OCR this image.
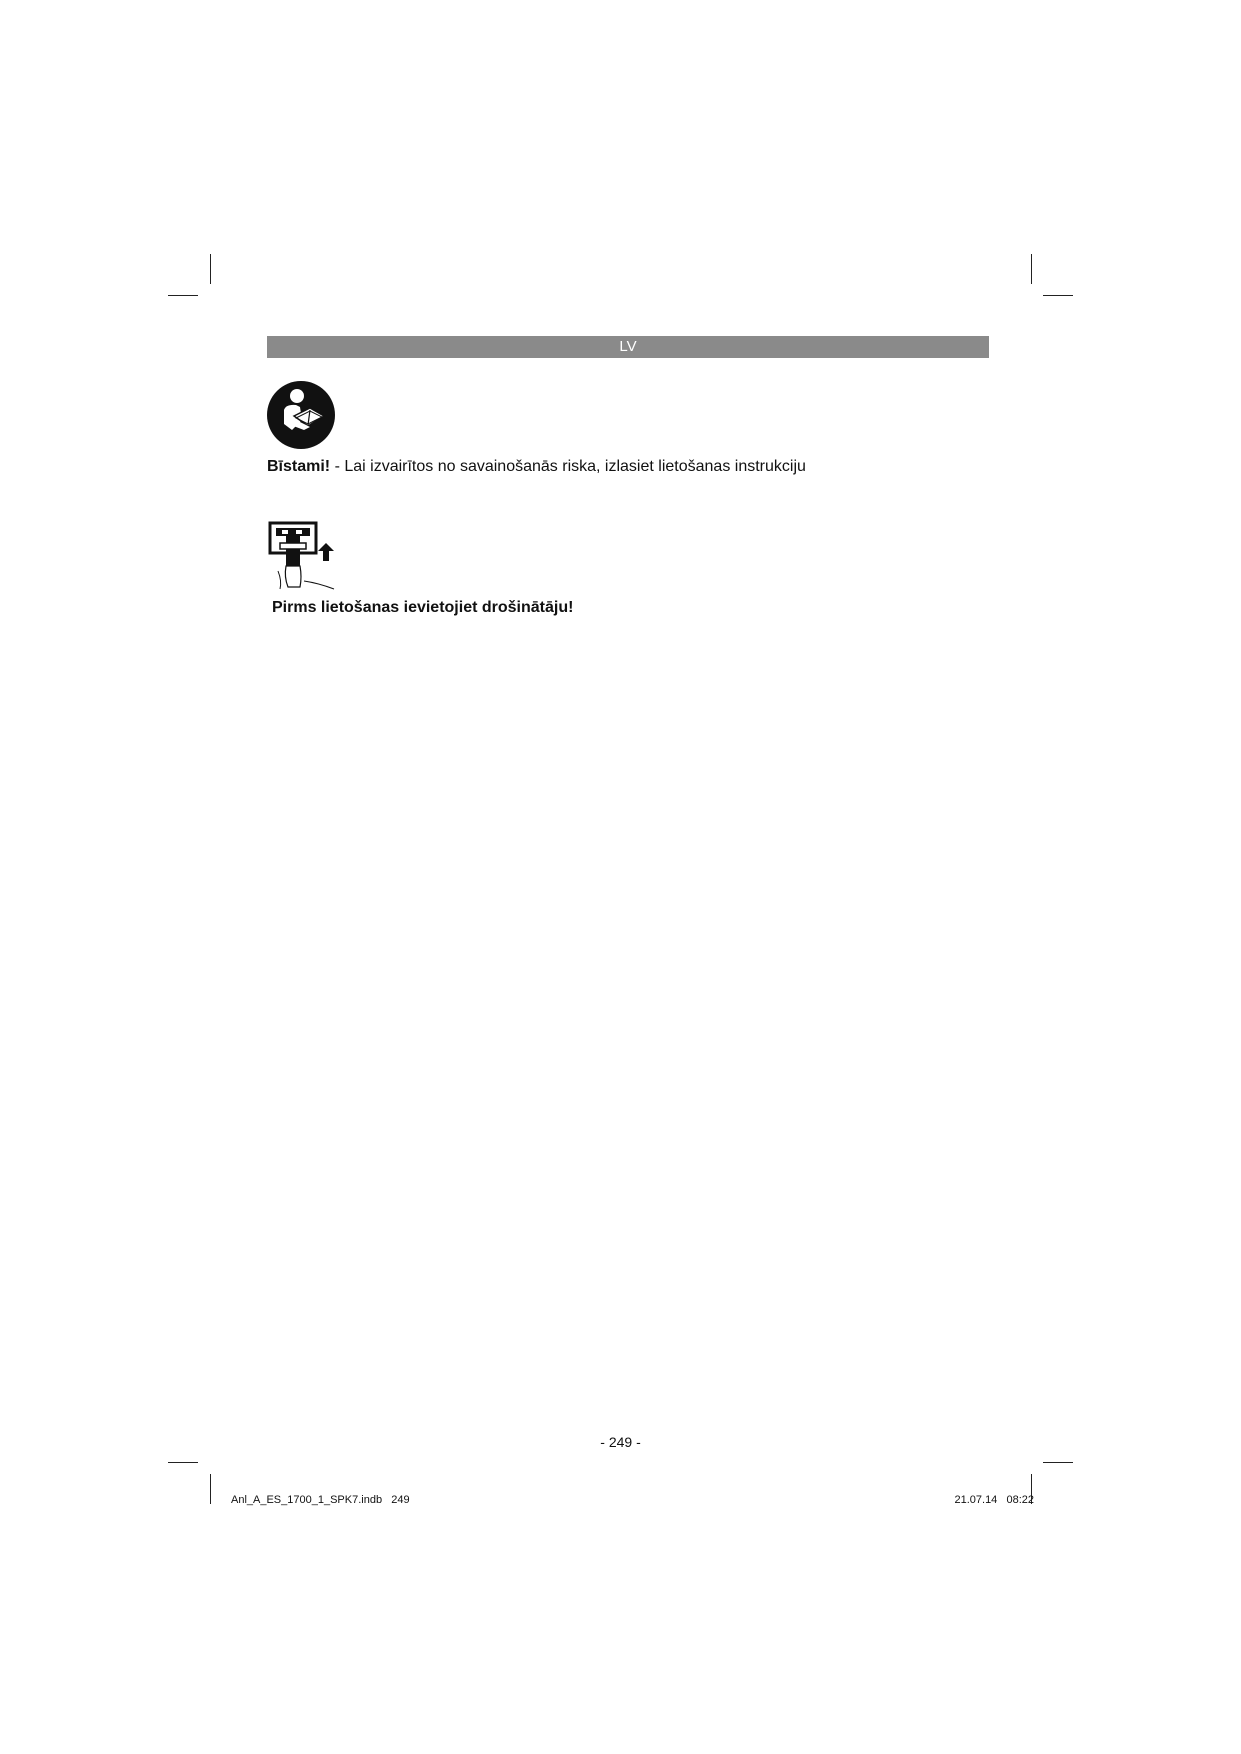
LV
Bīstami! - Lai izvairītos no savainošanās riska, izlasiet lietošanas instrukciju
Pirms lietošanas ievietojiet drošinātāju!
- 249 -
Anl_A_ES_1700_1_SPK7.indb   249	21.07.14   08:22
